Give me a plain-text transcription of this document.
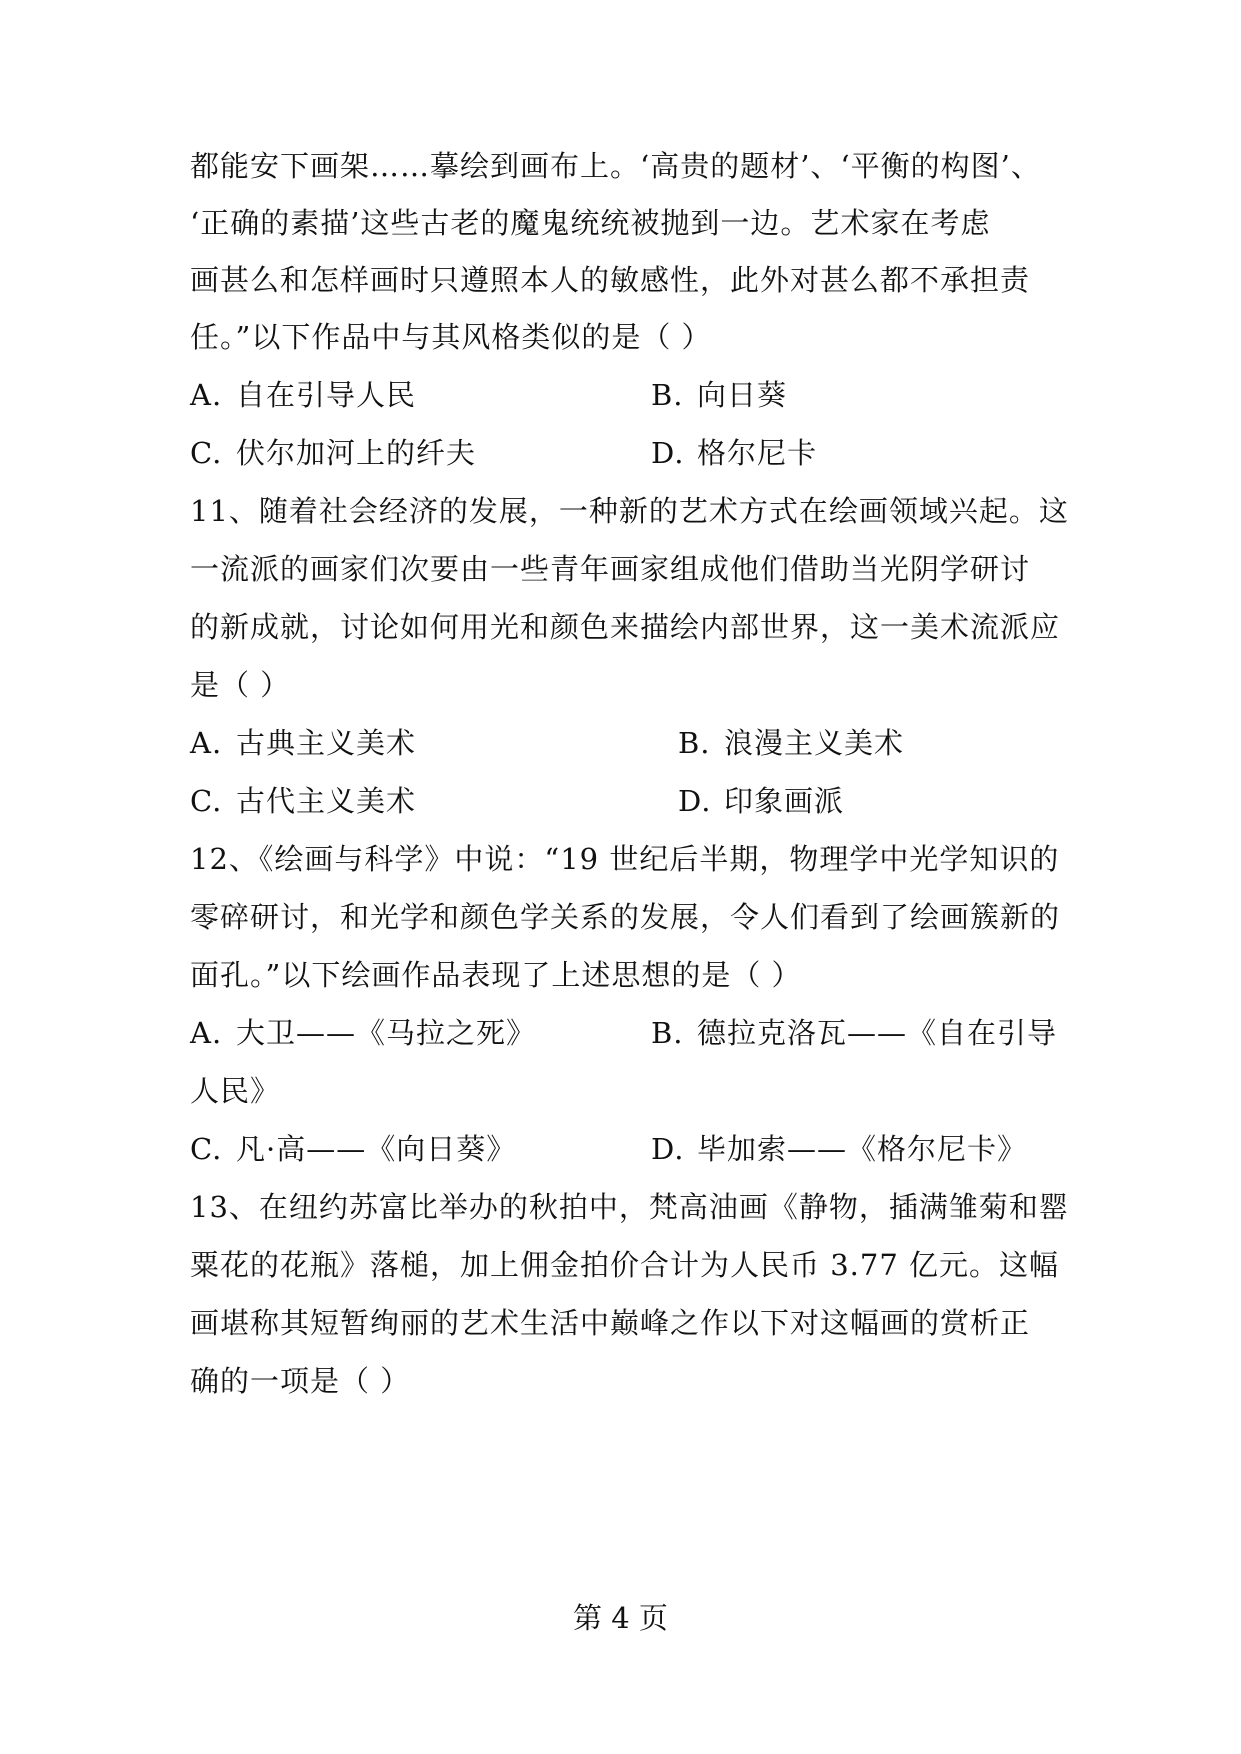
都能安下画架……摹绘到画布上。‘高贵的题材’、‘平衡的构图’、
‘正确的素描’这些古老的魔鬼统统被抛到一边。艺术家在考虑
画甚么和怎样画时只遵照本人的敏感性，此外对甚么都不承担责
任。”以下作品中与其风格类似的是（ ）
A. 自在引导人民	B. 向日葵
C. 伏尔加河上的纤夫	D. 格尔尼卡
11、随着社会经济的发展，一种新的艺术方式在绘画领域兴起。这
一流派的画家们次要由一些青年画家组成他们借助当光阴学研讨
的新成就，讨论如何用光和颜色来描绘内部世界，这一美术流派应
是（ ）
A. 古典主义美术	B. 浪漫主义美术
C. 古代主义美术	D. 印象画派
12、《绘画与科学》中说：“19 世纪后半期，物理学中光学知识的
零碎研讨，和光学和颜色学关系的发展，令人们看到了绘画簇新的
面孔。”以下绘画作品表现了上述思想的是（ ）
A. 大卫——《马拉之死》	B. 德拉克洛瓦——《自在引导
人民》
C. 凡·高——《向日葵》	D. 毕加索——《格尔尼卡》
13、在纽约苏富比举办的秋拍中，梵高油画《静物，插满雏菊和罂
粟花的花瓶》落槌，加上佣金拍价合计为人民币 3.77 亿元。这幅
画堪称其短暂绚丽的艺术生活中巅峰之作以下对这幅画的赏析正
确的一项是（ ）
第 4 页
